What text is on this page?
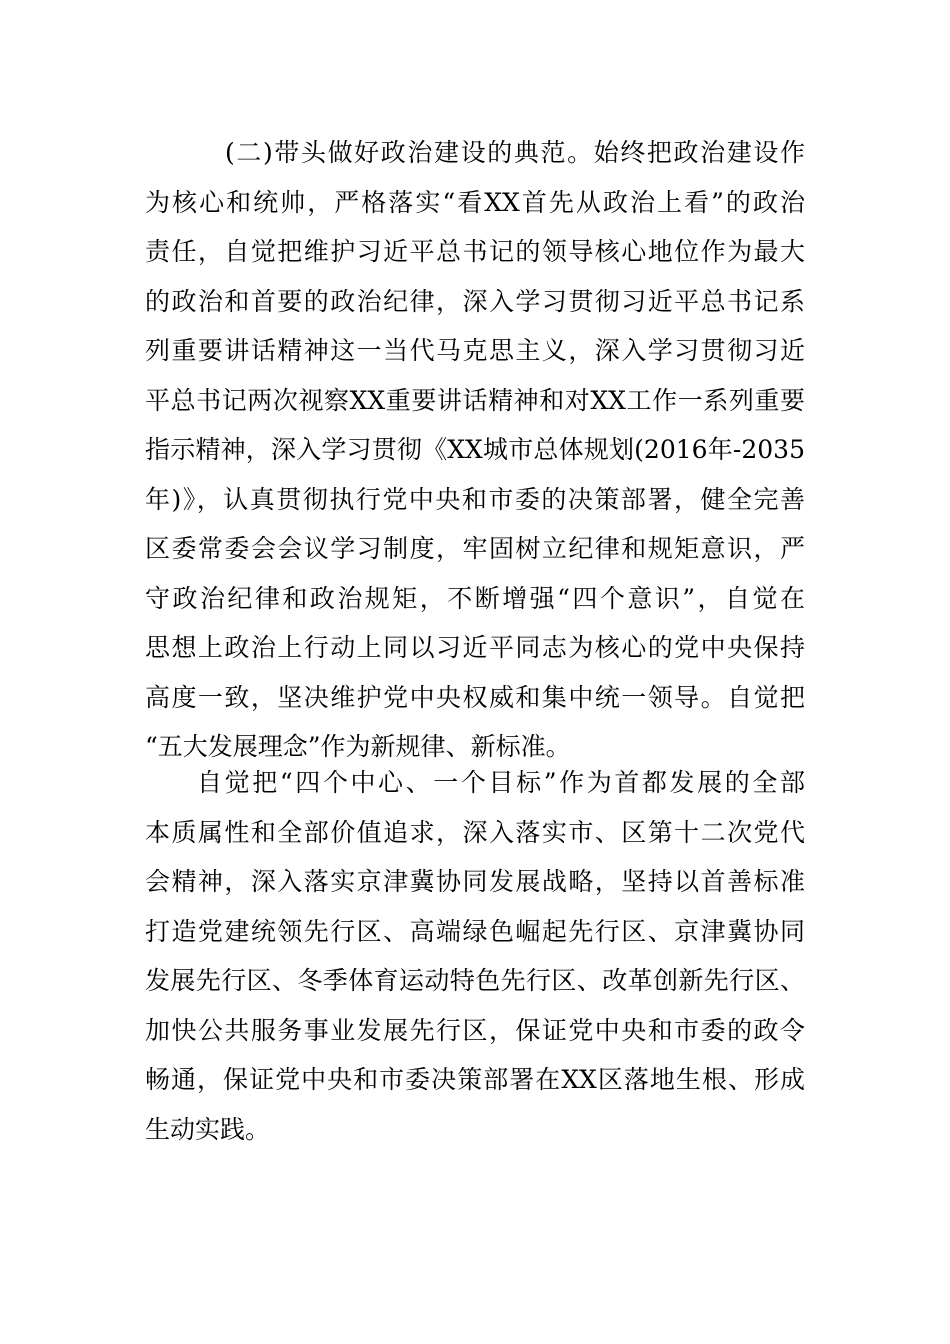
(二)带头做好政治建设的典范。始终把政治建设作
为核心和统帅，严格落实“看XX首先从政治上看”的政治
责任，自觉把维护习近平总书记的领导核心地位作为最大
的政治和首要的政治纪律，深入学习贯彻习近平总书记系
列重要讲话精神这一当代马克思主义，深入学习贯彻习近
平总书记两次视察XX重要讲话精神和对XX工作一系列重要
指示精神，深入学习贯彻《XX城市总体规划(2016年-2035
年)》，认真贯彻执行党中央和市委的决策部署，健全完善
区委常委会会议学习制度，牢固树立纪律和规矩意识，严
守政治纪律和政治规矩，不断增强“四个意识”，自觉在
思想上政治上行动上同以习近平同志为核心的党中央保持
高度一致，坚决维护党中央权威和集中统一领导。自觉把
“五大发展理念”作为新规律、新标准。
自觉把“四个中心、一个目标”作为首都发展的全部
本质属性和全部价值追求，深入落实市、区第十二次党代
会精神，深入落实京津冀协同发展战略，坚持以首善标准
打造党建统领先行区、高端绿色崛起先行区、京津冀协同
发展先行区、冬季体育运动特色先行区、改革创新先行区、
加快公共服务事业发展先行区，保证党中央和市委的政令
畅通，保证党中央和市委决策部署在XX区落地生根、形成
生动实践。
